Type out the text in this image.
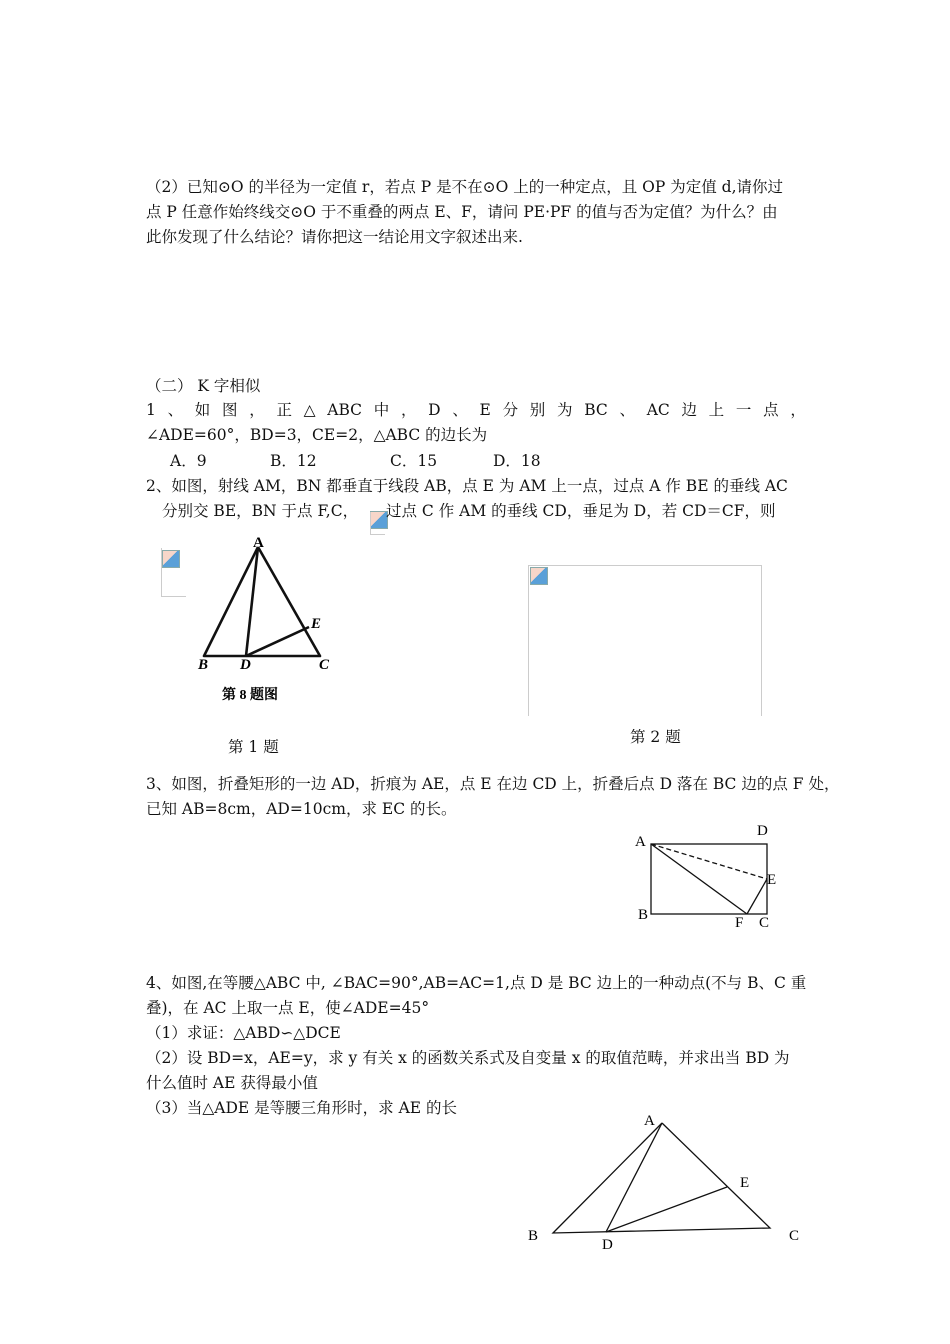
（2）已知⊙O 的半径为一定值 r，若点 P 是不在⊙O 上的一种定点，且 OP 为定值 d,请你过
点 P 任意作始终线交⊙O 于不重叠的两点 E、F，请问 PE·PF 的值与否为定值？为什么？由
此你发现了什么结论？请你把这一结论用文字叙述出来.
（二） K 字相似
1 、 如 图 ， 正 △ ABC 中 ， D 、 E 分 别 为 BC 、 AC 边 上 一 点 ，
∠ADE=60°，BD=3，CE=2，△ABC 的边长为
A．9	B．12	C．15	D．18
2、如图，射线 AM，BN 都垂直于线段 AB，点 E 为 AM 上一点，过点 A 作 BE 的垂线 AC
分别交 BE，BN 于点 F,C， 过点 C 作 AM 的垂线 CD，垂足为 D，若 CD＝CF，则
A
E
B D	C
第 8 题图
第 1 题
第 2 题
3、如图，折叠矩形的一边 AD，折痕为 AE，点 E 在边 CD 上，折叠后点 D 落在 BC 边的点 F 处，
已知 AB=8cm，AD=10cm，求 EC 的长。
A
D
E
B	F C
4、如图,在等腰△ABC 中, ∠BAC=90°,AB=AC=1,点 D 是 BC 边上的一种动点(不与 B、C 重
叠)，在 AC 上取一点 E，使∠ADE=45°
（1）求证：△ABD∽△DCE
（2）设 BD=x，AE=y，求 y 有关 x 的函数关系式及自变量 x 的取值范畴，并求出当 BD 为
什么值时 AE 获得最小值
（3）当△ADE 是等腰三角形时，求 AE 的长
A
E
B
D
C
